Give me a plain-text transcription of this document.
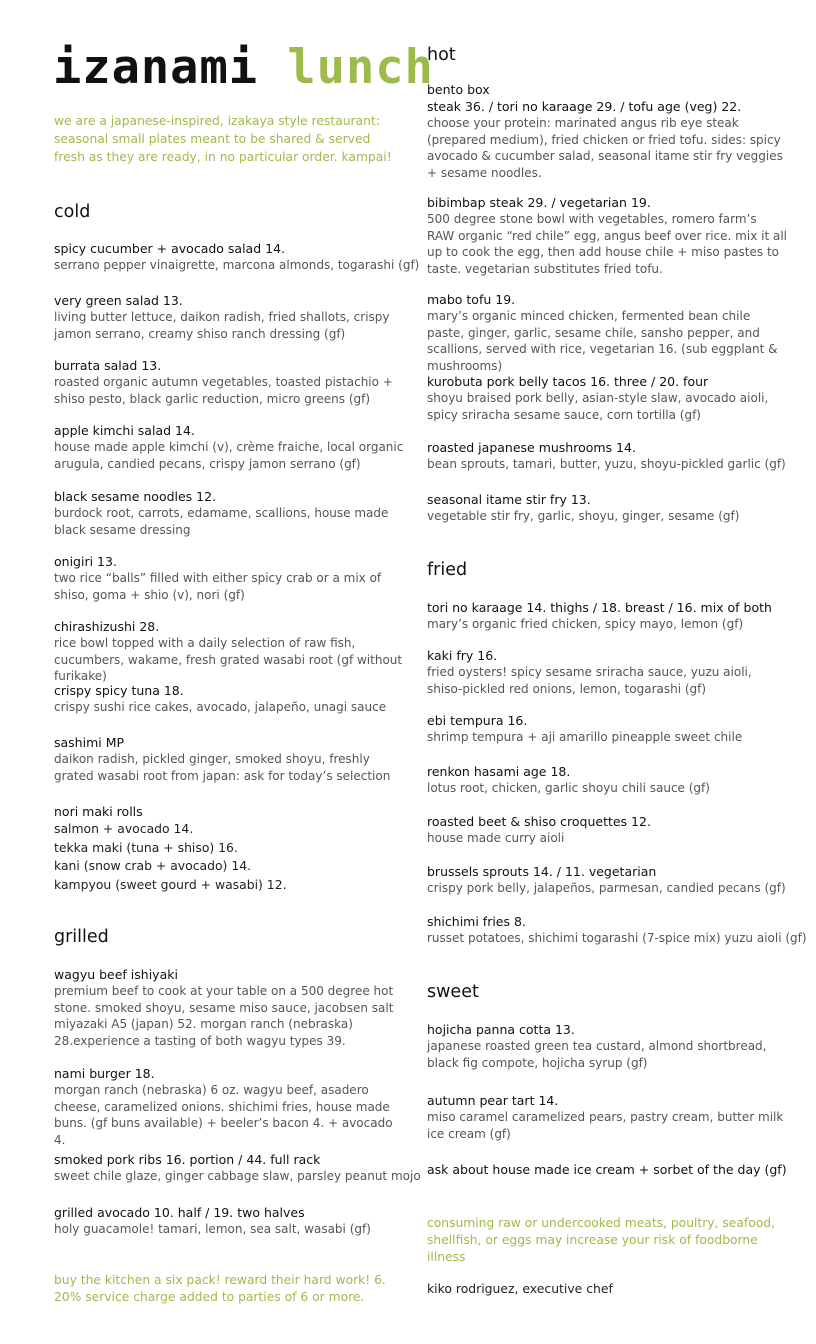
izanami lunch
we are a japanese-inspired, izakaya style restaurant: seasonal small plates meant to be shared & served fresh as they are ready, in no particular order. kampai!
cold
spicy cucumber + avocado salad 14.
serrano pepper vinaigrette, marcona almonds, togarashi (gf)
very green salad 13.
living butter lettuce, daikon radish, fried shallots, crispy jamon serrano, creamy shiso ranch dressing (gf)
burrata salad 13.
roasted organic autumn vegetables, toasted pistachio + shiso pesto, black garlic reduction, micro greens (gf)
apple kimchi salad 14.
house made apple kimchi (v), crème fraiche, local organic arugula, candied pecans, crispy jamon serrano (gf)
black sesame noodles 12.
burdock root, carrots, edamame, scallions, house made black sesame dressing
onigiri 13.
two rice “balls” filled with either spicy crab or a mix of shiso, goma + shio (v), nori (gf)
chirashizushi 28.
rice bowl topped with a daily selection of raw fish, cucumbers, wakame, fresh grated wasabi root (gf without furikake)
crispy spicy tuna 18.
crispy sushi rice cakes, avocado, jalapeño, unagi sauce
sashimi MP
daikon radish, pickled ginger, smoked shoyu, freshly grated wasabi root from japan: ask for today’s selection
nori maki rolls
salmon + avocado 14.
tekka maki (tuna + shiso) 16.
kani (snow crab + avocado) 14.
kampyou (sweet gourd + wasabi) 12.
grilled
wagyu beef ishiyaki
premium beef to cook at your table on a 500 degree hot stone. smoked shoyu, sesame miso sauce, jacobsen salt miyazaki A5 (japan) 52. morgan ranch (nebraska) 28.experience a tasting of both wagyu types 39.
nami burger 18.
morgan ranch (nebraska) 6 oz. wagyu beef, asadero cheese, caramelized onions. shichimi fries, house made buns. (gf buns available) + beeler’s bacon 4. + avocado 4.
smoked pork ribs 16. portion / 44. full rack
sweet chile glaze, ginger cabbage slaw, parsley peanut mojo
grilled avocado 10. half / 19. two halves
holy guacamole! tamari, lemon, sea salt, wasabi (gf)
buy the kitchen a six pack! reward their hard work! 6.
20% service charge added to parties of 6 or more.
hot
bento box
steak 36. / tori no karaage 29. / tofu age (veg) 22.
choose your protein: marinated angus rib eye steak (prepared medium), fried chicken or fried tofu. sides: spicy avocado & cucumber salad, seasonal itame stir fry veggies + sesame noodles.
bibimbap steak 29. / vegetarian 19.
500 degree stone bowl with vegetables, romero farm’s RAW organic “red chile” egg, angus beef over rice. mix it all up to cook the egg, then add house chile + miso pastes to taste. vegetarian substitutes fried tofu.
mabo tofu 19.
mary’s organic minced chicken, fermented bean chile paste, ginger, garlic, sesame chile, sansho pepper, and scallions, served with rice, vegetarian 16. (sub eggplant & mushrooms)
kurobuta pork belly tacos 16. three / 20. four
shoyu braised pork belly, asian-style slaw, avocado aioli, spicy sriracha sesame sauce, corn tortilla (gf)
roasted japanese mushrooms 14.
bean sprouts, tamari, butter, yuzu, shoyu-pickled garlic (gf)
seasonal itame stir fry 13.
vegetable stir fry, garlic, shoyu, ginger, sesame (gf)
fried
tori no karaage 14. thighs / 18. breast / 16. mix of both
mary’s organic fried chicken, spicy mayo, lemon (gf)
kaki fry 16.
fried oysters! spicy sesame sriracha sauce, yuzu aioli, shiso-pickled red onions, lemon, togarashi (gf)
ebi tempura 16.
shrimp tempura + aji amarillo pineapple sweet chile
renkon hasami age 18.
lotus root, chicken, garlic shoyu chili sauce (gf)
roasted beet & shiso croquettes 12.
house made curry aioli
brussels sprouts 14. / 11. vegetarian
crispy pork belly, jalapeños, parmesan, candied pecans (gf)
shichimi fries 8.
russet potatoes, shichimi togarashi (7-spice mix) yuzu aioli (gf)
sweet
hojicha panna cotta 13.
japanese roasted green tea custard, almond shortbread, black fig compote, hojicha syrup (gf)
autumn pear tart 14.
miso caramel caramelized pears, pastry cream, butter milk ice cream (gf)
ask about house made ice cream + sorbet of the day (gf)
consuming raw or undercooked meats, poultry, seafood, shellfish, or eggs may increase your risk of foodborne illness
kiko rodriguez, executive chef
